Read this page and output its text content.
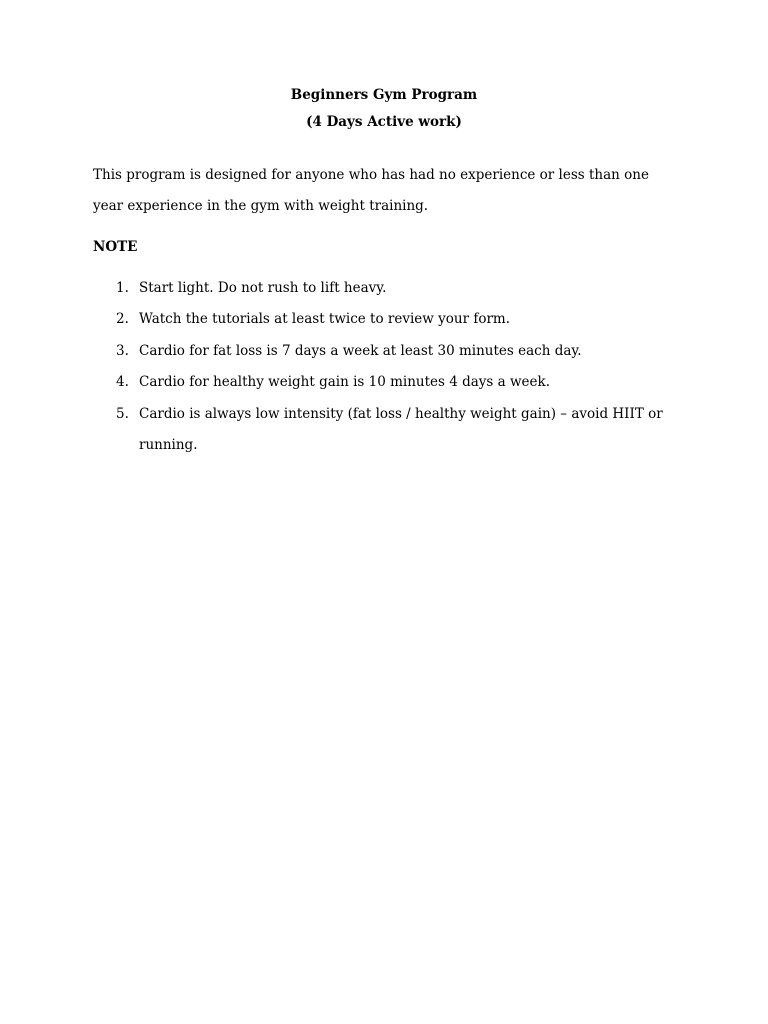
Beginners Gym Program
(4 Days Active work)
This program is designed for anyone who has had no experience or less than one
year experience in the gym with weight training.
NOTE
1. Start light. Do not rush to lift heavy.
2. Watch the tutorials at least twice to review your form.
3. Cardio for fat loss is 7 days a week at least 30 minutes each day.
4. Cardio for healthy weight gain is 10 minutes 4 days a week.
5. Cardio is always low intensity (fat loss / healthy weight gain) – avoid HIIT or
running.
